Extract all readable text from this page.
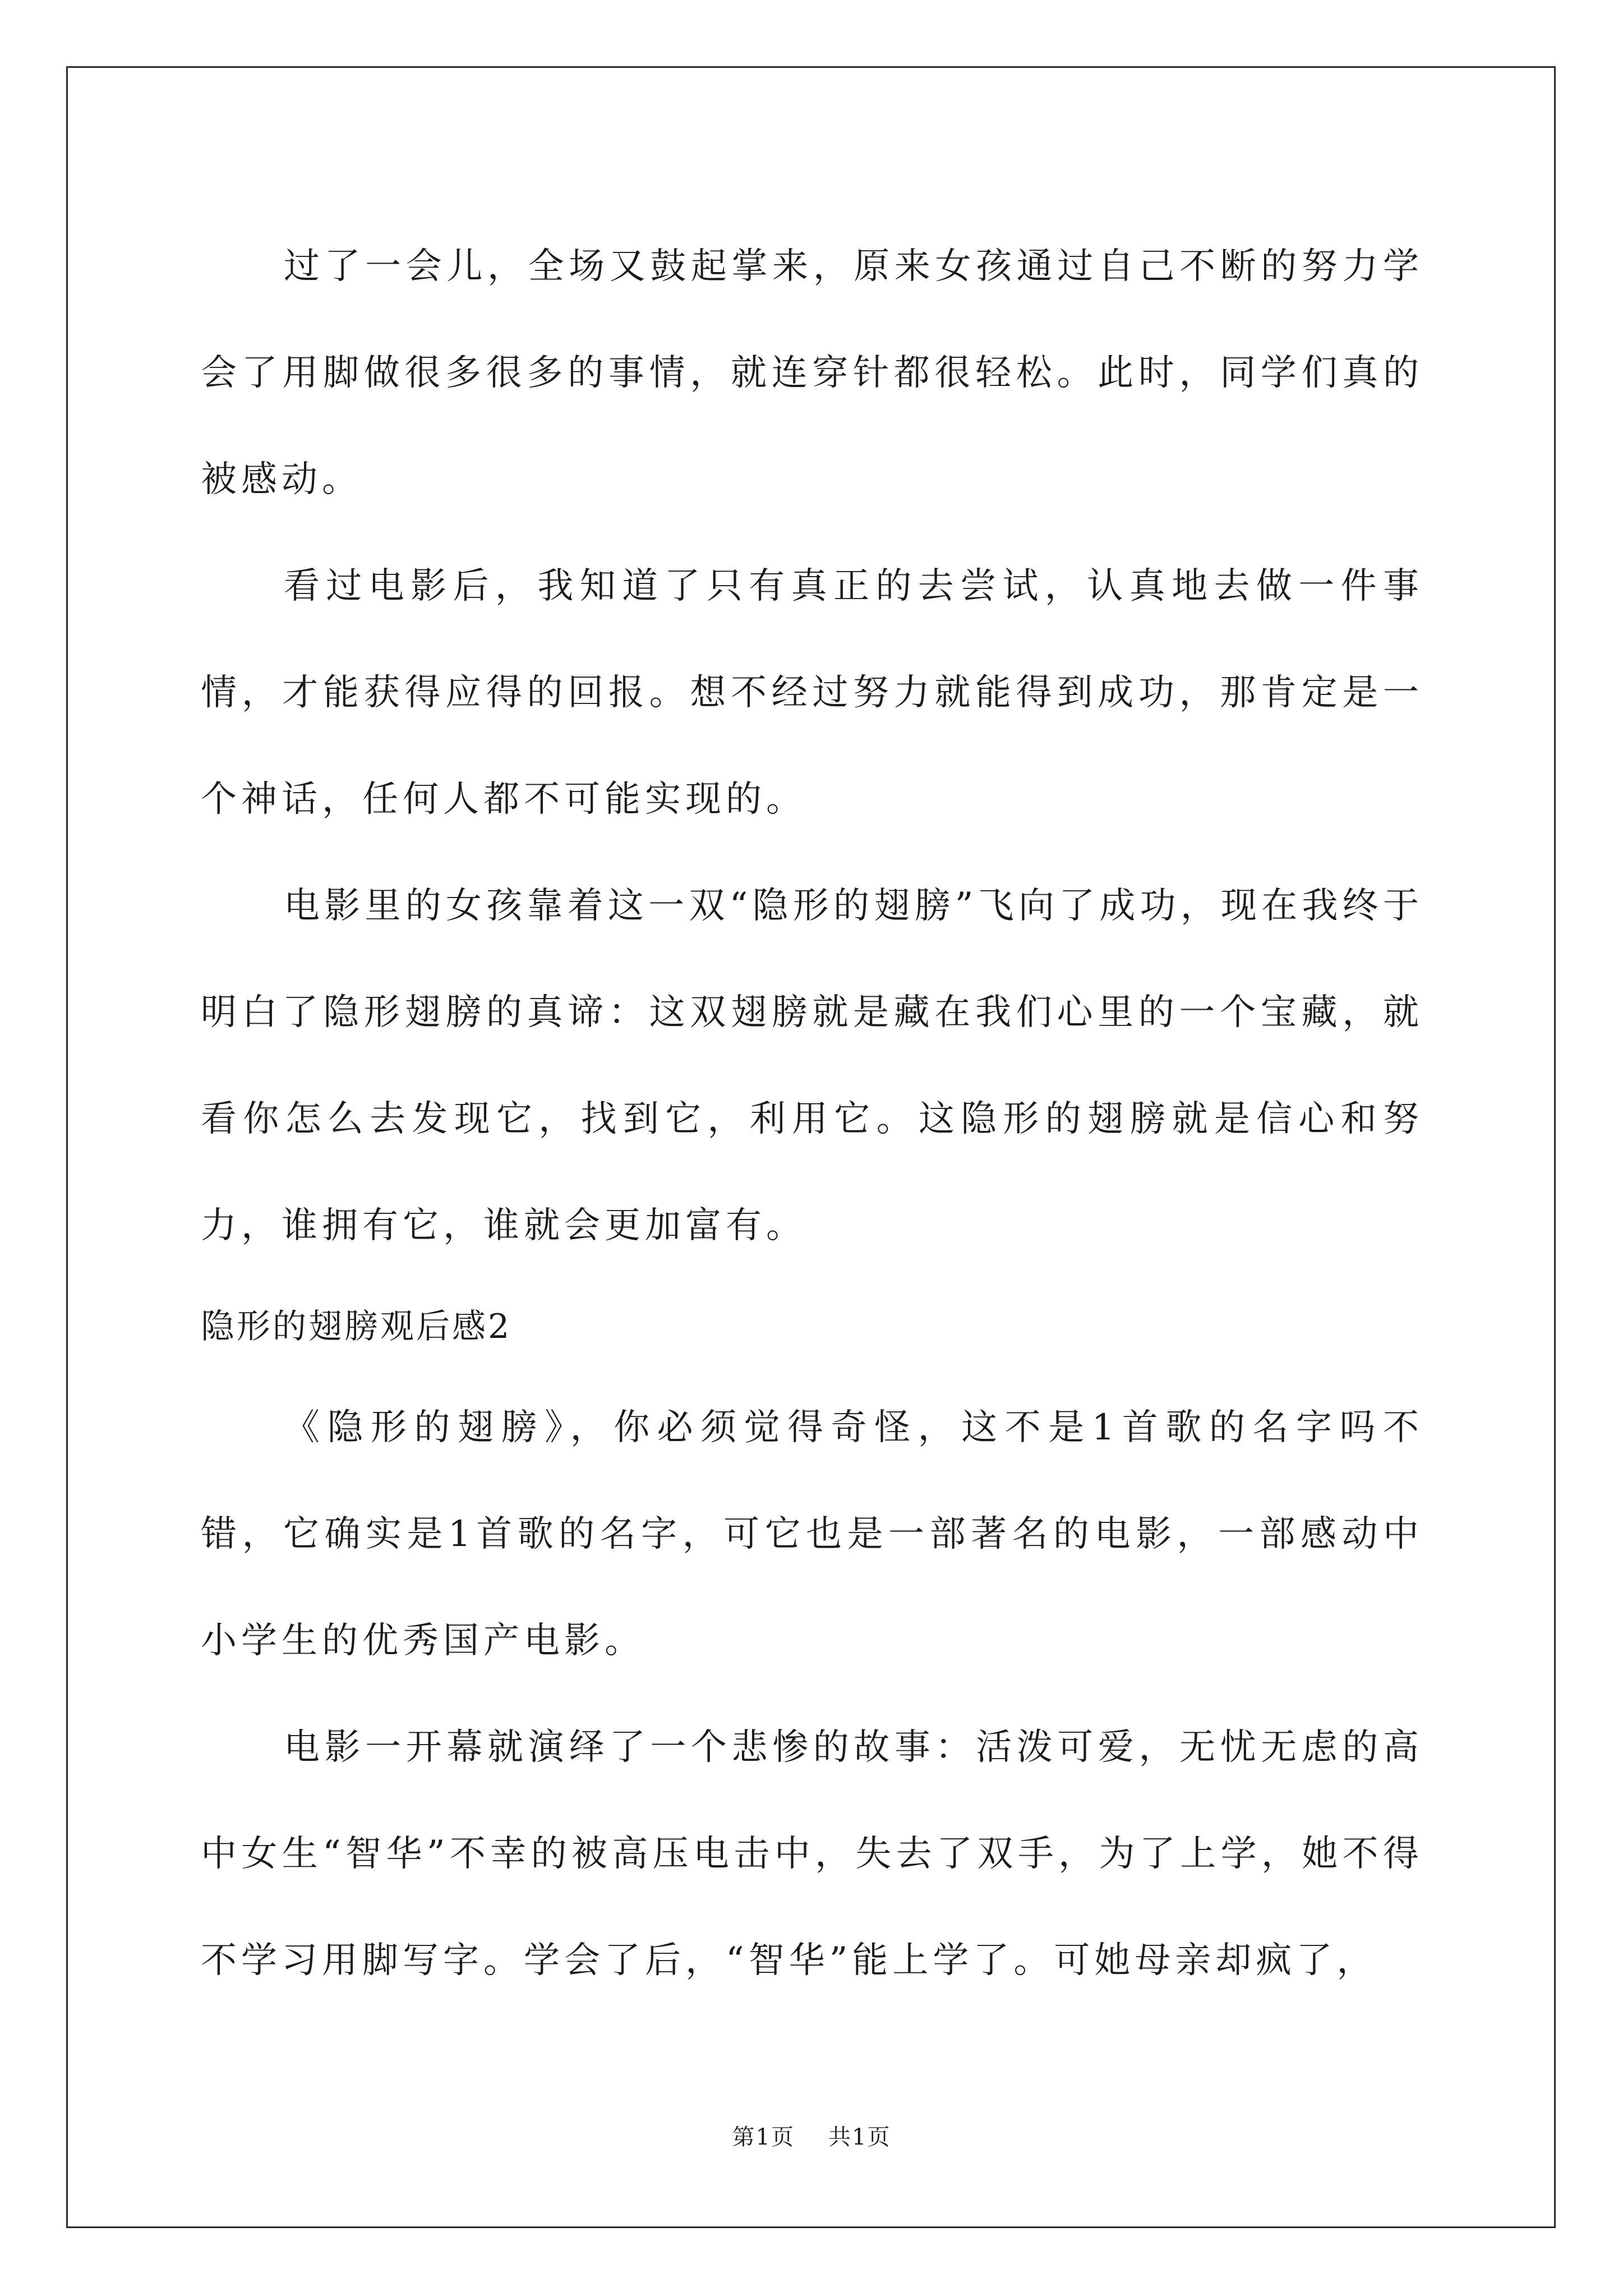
过了一会儿，全场又鼓起掌来，原来女孩通过自己不断的努力学会了用脚做很多很多的事情，就连穿针都很轻松。此时，同学们真的被感动。

看过电影后，我知道了只有真正的去尝试，认真地去做一件事情，才能获得应得的回报。想不经过努力就能得到成功，那肯定是一个神话，任何人都不可能实现的。

电影里的女孩靠着这一双“隐形的翅膀”飞向了成功，现在我终于明白了隐形翅膀的真谛：这双翅膀就是藏在我们心里的一个宝藏，就看你怎么去发现它，找到它，利用它。这隐形的翅膀就是信心和努力，谁拥有它，谁就会更加富有。

隐形的翅膀观后感2

《隐形的翅膀》，你必须觉得奇怪，这不是1首歌的名字吗不错，它确实是1首歌的名字，可它也是一部著名的电影，一部感动中小学生的优秀国产电影。

电影一开幕就演绎了一个悲惨的故事：活泼可爱，无忧无虑的高中女生“智华”不幸的被高压电击中，失去了双手，为了上学，她不得不学习用脚写字。学会了后，“智华”能上学了。可她母亲却疯了，

第1页 共1页
